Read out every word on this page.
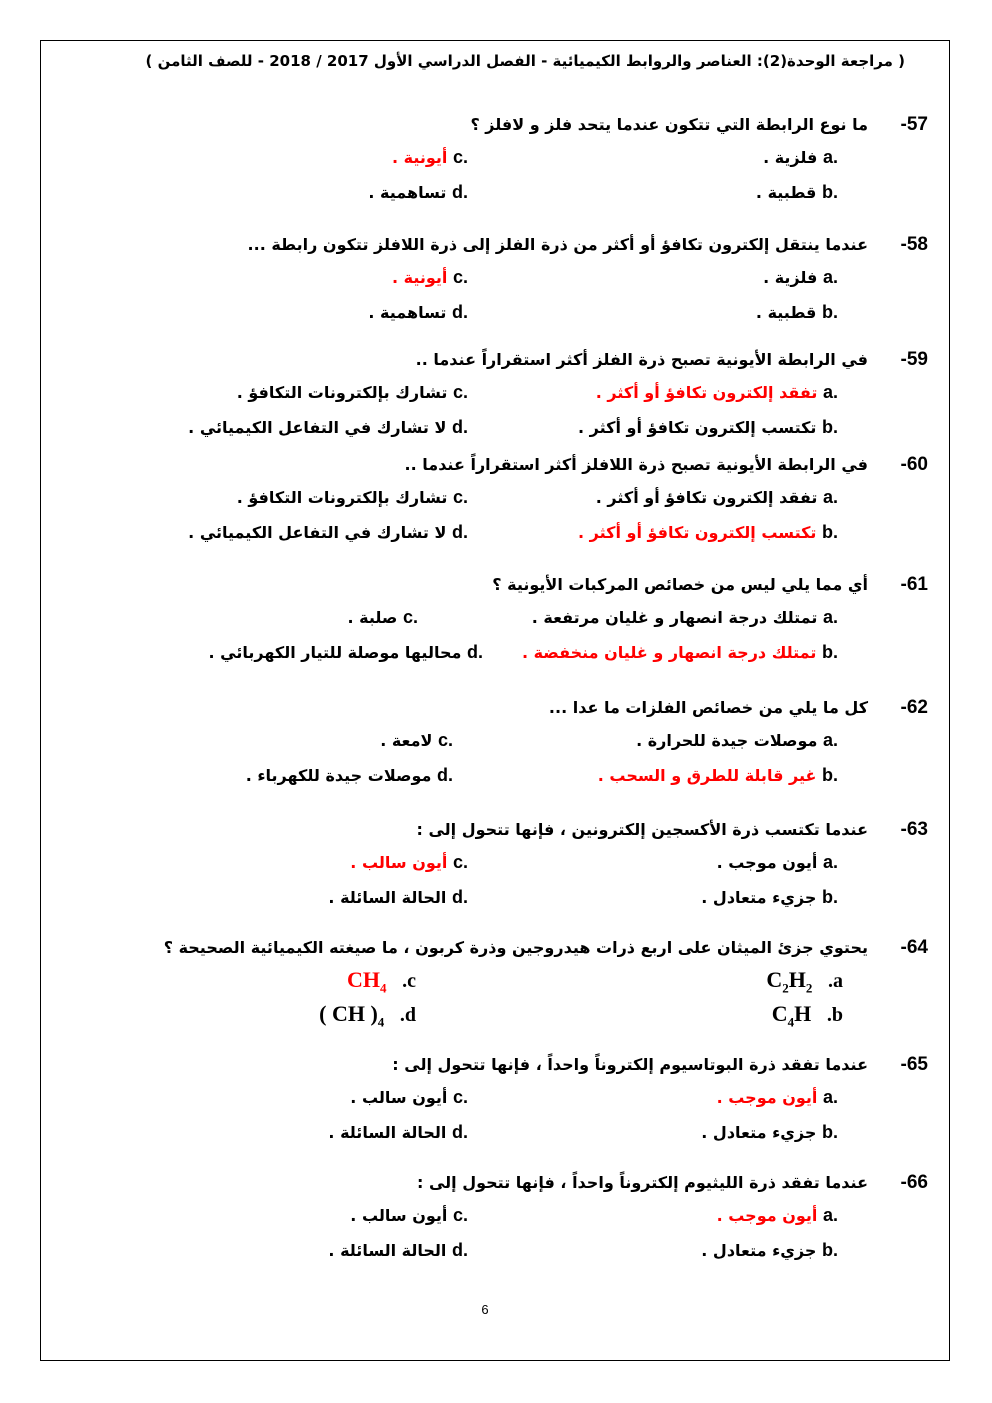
( مراجعة الوحدة(2): العناصر والروابط الكيميائية - الفصل الدراسي الأول 2017 / 2018 - للصف الثامن )
57-
ما نوع الرابطة التي تتكون عندما يتحد فلز و لافلز ؟
.a فلزية .
.c أيونية .
.b قطبية .
.d تساهمية .
58-
عندما ينتقل إلكترون تكافؤ أو أكثر من ذرة الفلز إلى ذرة اللافلز تتكون رابطة ...
.a فلزية .
.c أيونية .
.b قطبية .
.d تساهمية .
59-
في الرابطة الأيونية تصبح ذرة الفلز أكثر استقراراً عندما ..
.a تفقد إلكترون تكافؤ أو أكثر .
.c تشارك بإلكترونات التكافؤ .
.b تكتسب إلكترون تكافؤ أو أكثر .
.d لا تشارك في التفاعل الكيميائي .
60-
في الرابطة الأيونية تصبح ذرة اللافلز أكثر استقراراً عندما ..
.a تفقد إلكترون تكافؤ أو أكثر .
.c تشارك بإلكترونات التكافؤ .
.b تكتسب إلكترون تكافؤ أو أكثر .
.d لا تشارك في التفاعل الكيميائي .
61-
أي مما يلي ليس من خصائص المركبات الأيونية ؟
.a تمتلك درجة انصهار و غليان مرتفعة .
.c صلبة .
.b تمتلك درجة انصهار و غليان منخفضة .
.d محاليها موصلة للتيار الكهربائي .
62-
كل ما يلي من خصائص الفلزات ما عدا ...
.a موصلات جيدة للحرارة .
.c لامعة .
.b غير قابلة للطرق و السحب .
.d موصلات جيدة للكهرباء .
63-
عندما تكتسب ذرة الأكسجين إلكترونين ، فإنها تتحول إلى :
.a أيون موجب .
.c أيون سالب .
.b جزيء متعادل .
.d الحالة السائلة .
64-
يحتوي جزئ الميثان على اربع ذرات هيدروجين وذرة كربون ، ما صيغته الكيميائية الصحيحة ؟
$C_2H_2$   .a
$CH_4$   .c
$C_4H$   .b
( CH )$_4$   .d
65-
عندما تفقد ذرة البوتاسيوم إلكتروناً واحداً ، فإنها تتحول إلى :
.a أيون موجب .
.c أيون سالب .
.b جزيء متعادل .
.d الحالة السائلة .
66-
عندما تفقد ذرة الليثيوم إلكتروناً واحداً ، فإنها تتحول إلى :
.a أيون موجب .
.c أيون سالب .
.b جزيء متعادل .
.d الحالة السائلة .
6
